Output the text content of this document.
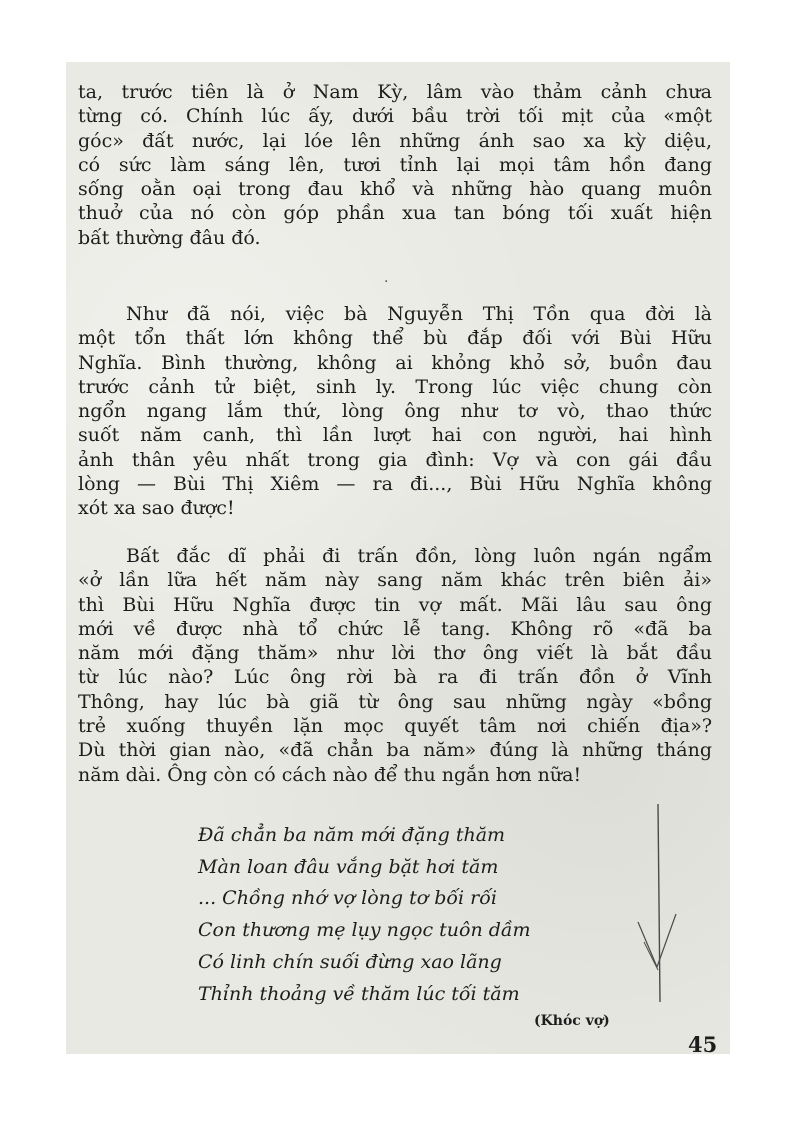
ta, trước tiên là ở Nam Kỳ, lâm vào thảm cảnh chưa
từng có. Chính lúc ấy, dưới bầu trời tối mịt của «một
góc» đất nước, lại lóe lên những ánh sao xa kỳ diệu,
có sức làm sáng lên, tươi tỉnh lại mọi tâm hồn đang
sống oằn oại trong đau khổ và những hào quang muôn
thuở của nó còn góp phần xua tan bóng tối xuất hiện
bất thường đâu đó.
·
Như đã nói, việc bà Nguyễn Thị Tồn qua đời là
một tổn thất lớn không thể bù đắp đối với Bùi Hữu
Nghĩa. Bình thường, không ai khỏng khỏ sở, buồn đau
trước cảnh tử biệt, sinh ly. Trong lúc việc chung còn
ngổn ngang lắm thứ, lòng ông như tơ vò, thao thức
suốt năm canh, thì lần lượt hai con người, hai hình
ảnh thân yêu nhất trong gia đình: Vợ và con gái đầu
lòng — Bùi Thị Xiêm — ra đi..., Bùi Hữu Nghĩa không
xót xa sao được!
Bất đắc dĩ phải đi trấn đồn, lòng luôn ngán ngẩm
«ở lần lữa hết năm này sang năm khác trên biên ải»
thì Bùi Hữu Nghĩa được tin vợ mất. Mãi lâu sau ông
mới về được nhà tổ chức lễ tang. Không rõ «đã ba
năm mới đặng thăm» như lời thơ ông viết là bắt đầu
từ lúc nào? Lúc ông rời bà ra đi trấn đồn ở Vĩnh
Thông, hay lúc bà giã từ ông sau những ngày «bồng
trẻ xuống thuyền lặn mọc quyết tâm nơi chiến địa»?
Dù thời gian nào, «đã chẳn ba năm» đúng là những tháng
năm dài. Ông còn có cách nào để thu ngắn hơn nữa!
Đã chẳn ba năm mới đặng thăm
Màn loan đâu vắng bặt hơi tăm
... Chồng nhớ vợ lòng tơ bối rối
Con thương mẹ lụy ngọc tuôn dầm
Có linh chín suối đừng xao lãng
Thỉnh thoảng về thăm lúc tối tăm
(Khóc vợ)
45
